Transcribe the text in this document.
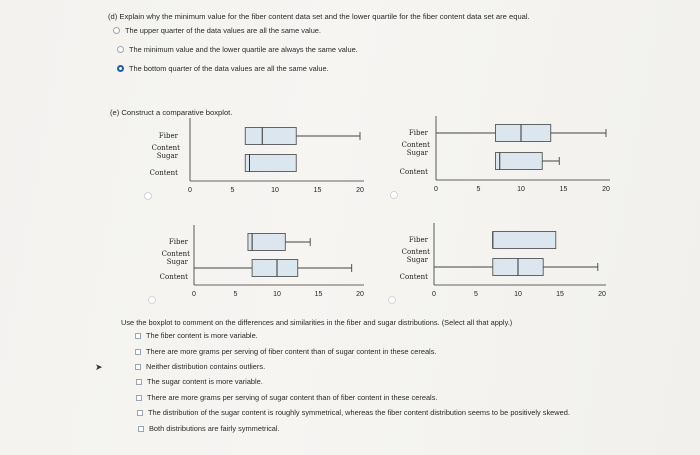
(d) Explain why the minimum value for the fiber content data set and the lower quartile for the fiber content data set are equal.
The upper quarter of the data values are all the same value.
The minimum value and the lower quartile are always the same value.
The bottom quarter of the data values are all the same value.
(e) Construct a comparative boxplot.
Fiber
Content
Sugar
Content
0	5	10	15	20
Fiber
Content
Sugar
Content
0	5	10	15	20
Fiber
Content
Sugar
Content
0	5	10	15	20
Fiber
Content
Sugar
Content
0	5	10	15	20
Use the boxplot to comment on the differences and similarities in the fiber and sugar distributions. (Select all that apply.)
The fiber content is more variable.
There are more grams per serving of fiber content than of sugar content in these cereals.
Neither distribution contains outliers.
The sugar content is more variable.
There are more grams per serving of sugar content than of fiber content in these cereals.
The distribution of the sugar content is roughly symmetrical, whereas the fiber content distribution seems to be positively skewed.
Both distributions are fairly symmetrical.
➤
